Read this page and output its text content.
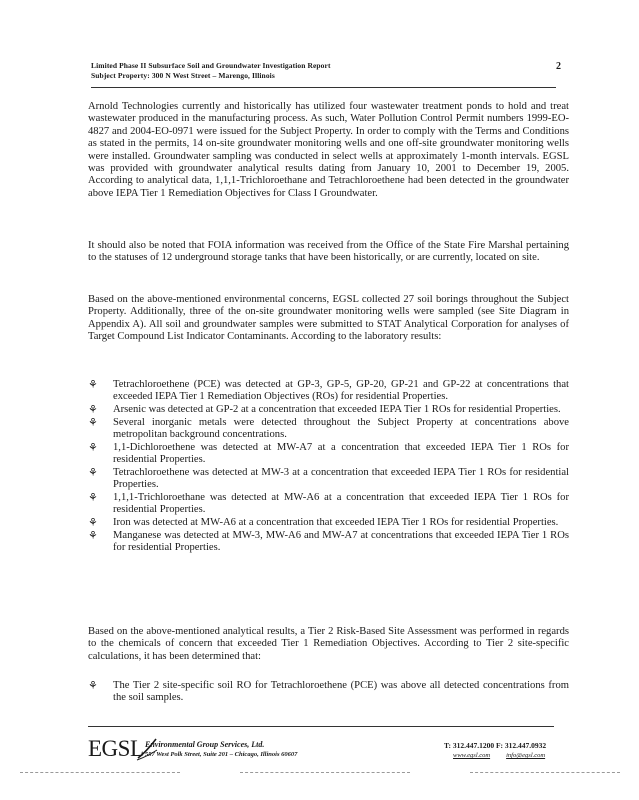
Limited Phase II Subsurface Soil and Groundwater Investigation Report
Subject Property: 300 N West Street – Marengo, Illinois
2
Arnold Technologies currently and historically has utilized four wastewater treatment ponds to hold and treat wastewater produced in the manufacturing process. As such, Water Pollution Control Permit numbers 1999-EO-4827 and 2004-EO-0971 were issued for the Subject Property. In order to comply with the Terms and Conditions as stated in the permits, 14 on-site groundwater monitoring wells and one off-site groundwater monitoring wells were installed. Groundwater sampling was conducted in select wells at approximately 1-month intervals. EGSL was provided with groundwater analytical results dating from January 10, 2001 to December 19, 2005. According to analytical data, 1,1,1-Trichloroethane and Tetrachloroethene had been detected in the groundwater above IEPA Tier 1 Remediation Objectives for Class I Groundwater.
It should also be noted that FOIA information was received from the Office of the State Fire Marshal pertaining to the statuses of 12 underground storage tanks that have been historically, or are currently, located on site.
Based on the above-mentioned environmental concerns, EGSL collected 27 soil borings throughout the Subject Property. Additionally, three of the on-site groundwater monitoring wells were sampled (see Site Diagram in Appendix A). All soil and groundwater samples were submitted to STAT Analytical Corporation for analyses of Target Compound List Indicator Contaminants. According to the laboratory results:
⚘ Tetrachloroethene (PCE) was detected at GP-3, GP-5, GP-20, GP-21 and GP-22 at concentrations that exceeded IEPA Tier 1 Remediation Objectives (ROs) for residential Properties.
⚘ Arsenic was detected at GP-2 at a concentration that exceeded IEPA Tier 1 ROs for residential Properties.
⚘ Several inorganic metals were detected throughout the Subject Property at concentrations above metropolitan background concentrations.
⚘ 1,1-Dichloroethene was detected at MW-A7 at a concentration that exceeded IEPA Tier 1 ROs for residential Properties.
⚘ Tetrachloroethene was detected at MW-3 at a concentration that exceeded IEPA Tier 1 ROs for residential Properties.
⚘ 1,1,1-Trichloroethane was detected at MW-A6 at a concentration that exceeded IEPA Tier 1 ROs for residential Properties.
⚘ Iron was detected at MW-A6 at a concentration that exceeded IEPA Tier 1 ROs for residential Properties.
⚘ Manganese was detected at MW-3, MW-A6 and MW-A7 at concentrations that exceeded IEPA Tier 1 ROs for residential Properties.
Based on the above-mentioned analytical results, a Tier 2 Risk-Based Site Assessment was performed in regards to the chemicals of concern that exceeded Tier 1 Remediation Objectives. According to Tier 2 site-specific calculations, it has been determined that:
⚘ The Tier 2 site-specific soil RO for Tetrachloroethene (PCE) was above all detected concentrations from the soil samples.
EGSL Environmental Group Services, Ltd.
557 West Polk Street, Suite 201 – Chicago, Illinois 60607
T: 312.447.1200 F: 312.447.0932
www.egsl.com info@egsl.com
